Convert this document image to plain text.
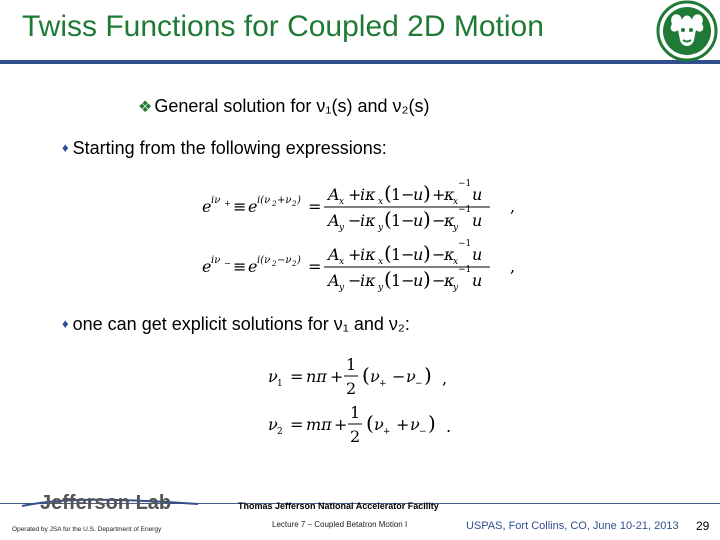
Twiss Functions for Coupled 2D Motion
❖ General solution for ν₁(s) and ν₂(s)
♦ Starting from the following expressions:
e iν + ≡ e i(ν 2 +ν 2 ) =
A x +
iκ x ( 1−
u ) +
κ
x
−1
u
A y −
iκ y ( 1−
u ) −
κ
y
−1
u
,
e iν − ≡ e i(ν 2 −ν 2 ) =
A x +
iκ x ( 1−
u ) −
κ
x
−1
u
A y −
iκ y ( 1−
u ) −
κ
y
−1
u
,
♦ one can get explicit solutions for ν₁ and ν₂:
ν 1 = nπ +
1
2
( ν + − ν − ) ,
ν 2 = mπ +
1
2
( ν + + ν − ) .
Jefferson Lab	Thomas Jefferson National Accelerator Facility
Operated by JSA for the U.S. Department of Energy
Lecture 7 – Coupled Betatron Motion I	USPAS, Fort Collins, CO, June 10-21, 2013 29
